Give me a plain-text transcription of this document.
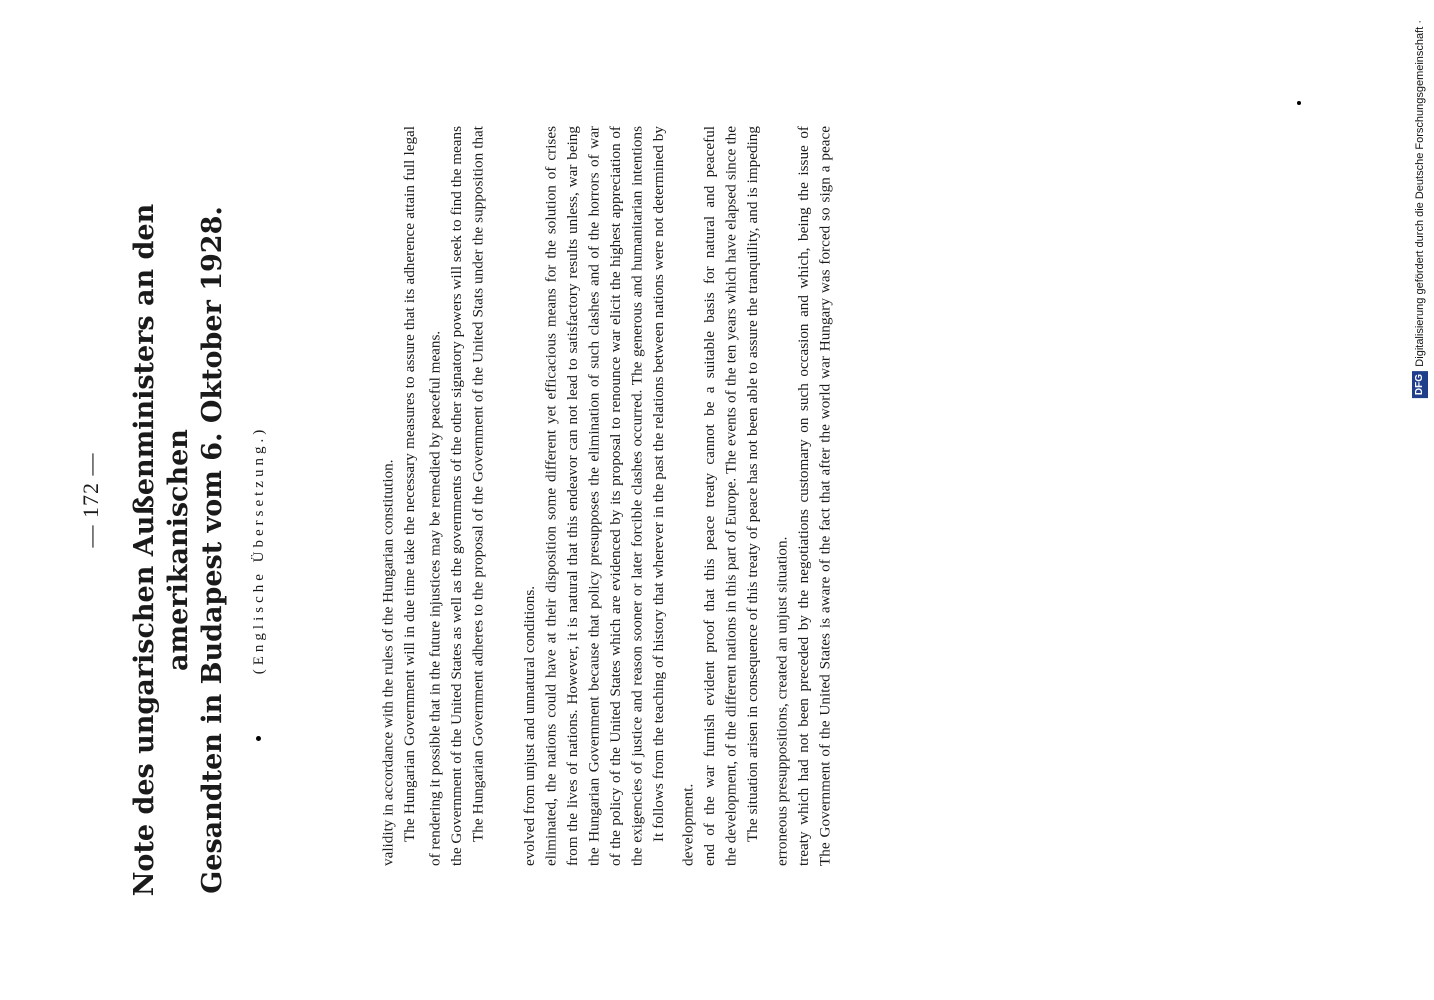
— 172 — Note des ungarischen Außenministers an den amerikanischen Gesandten in Budapest vom 6. Oktober 1928. (Englische Übersetzung.)	The Government of the United States is aware of the fact that after the world war Hungary was forced so sign a peace treaty which had not been preceded by the negotiations customary on such occasion and which, being the issue of erroneous presuppositions, created an unjust situation.

The situation arisen in consequence of this treaty of peace has not been able to assure the tranquility, and is impeding the development, of the different nations in this part of Europe. The events of the ten years which have elapsed since the end of the war furnish evident proof that this peace treaty cannot be a suitable basis for natural and peaceful development.

It follows from the teaching of history that wherever in the past the relations between nations were not determined by the exigencies of justice and reason sooner or later forcible clashes occurred. The generous and humanitarian intentions of the policy of the United States which are evidenced by its proposal to renounce war elicit the highest appreciation of the Hungarian Government because that policy presupposes the elimination of such clashes and of the horrors of war from the lives of nations. However, it is natural that this endeavor can not lead to satisfactory results unless, war being eliminated, the nations could have at their disposition some different yet efficacious means for the solution of crises evolved from unjust and unnatural conditions.

The Hungarian Government adheres to the proposal of the Government of the United Stats under the supposition that the Government of the United States as well as the governments of the other signatory powers will seek to find the means of rendering it possible that in the future injustices may be remedied by peaceful means.

The Hungarian Government will in due time take the necessary measures to assure that its adherence attain full legal validity in accordance with the rules of the Hungarian constitution.

Digitalisierung gefördert durch die Deutsche Forschungsgemeinschaft ·
DFG
